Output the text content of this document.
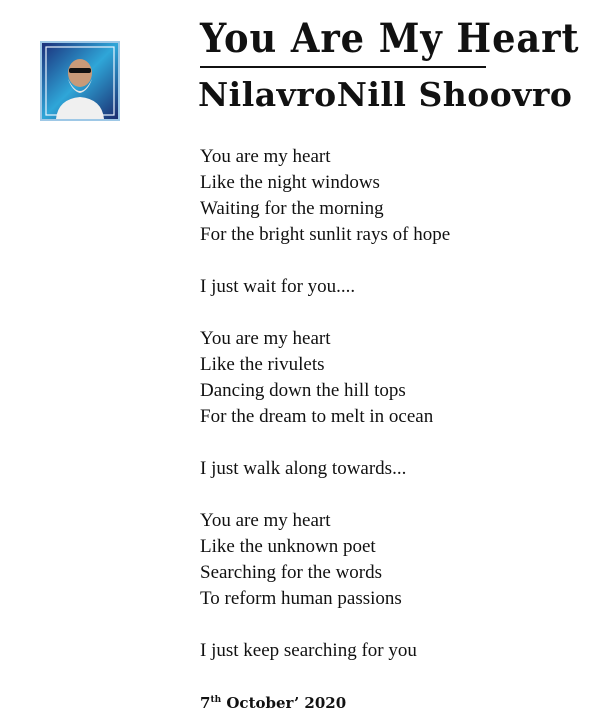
You Are My Heart
NilavroNill Shoovro
You are my heart
Like the night windows
Waiting for the morning
For the bright sunlit rays of hope
I just wait for you....
You are my heart
Like the rivulets
Dancing down the hill tops
For the dream to melt in ocean
I just walk along towards...
You are my heart
Like the unknown poet
Searching for the words
To reform human passions
I just keep searching for you
7th October’ 2020
